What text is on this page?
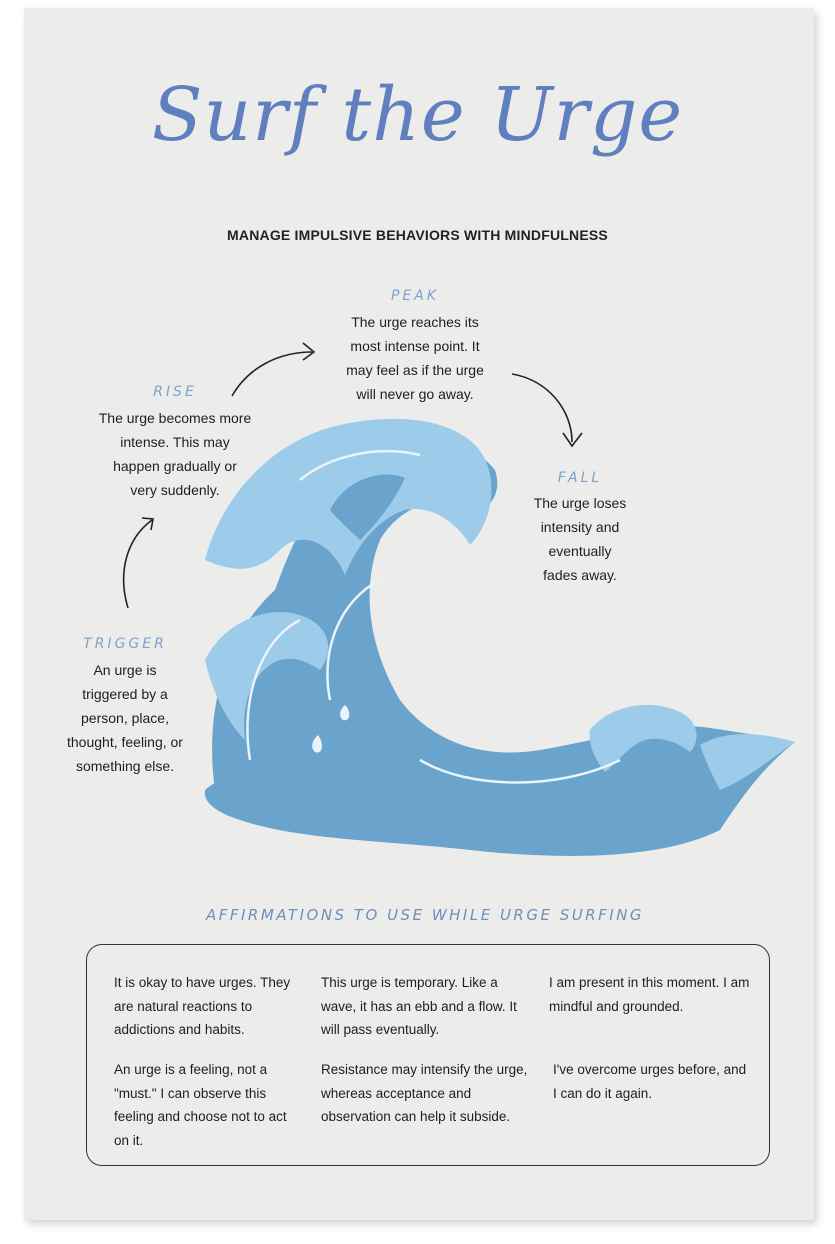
Surf the Urge
MANAGE IMPULSIVE BEHAVIORS WITH MINDFULNESS
PEAK
The urge reaches its
most intense point. It
may feel as if the urge
will never go away.
RISE
The urge becomes more
intense. This may
happen gradually or
very suddenly.
FALL
The urge loses
intensity and
eventually
fades away.
TRIGGER
An urge is
triggered by a
person, place,
thought, feeling, or
something else.
AFFIRMATIONS TO USE WHILE URGE SURFING
It is okay to have urges. They are natural reactions to addictions and habits.
This urge is temporary. Like a wave, it has an ebb and a flow. It will pass eventually.
I am present in this moment. I am mindful and grounded.
An urge is a feeling, not a "must." I can observe this feeling and choose not to act on it.
Resistance may intensify the urge, whereas acceptance and observation can help it subside.
I've overcome urges before, and I can do it again.
